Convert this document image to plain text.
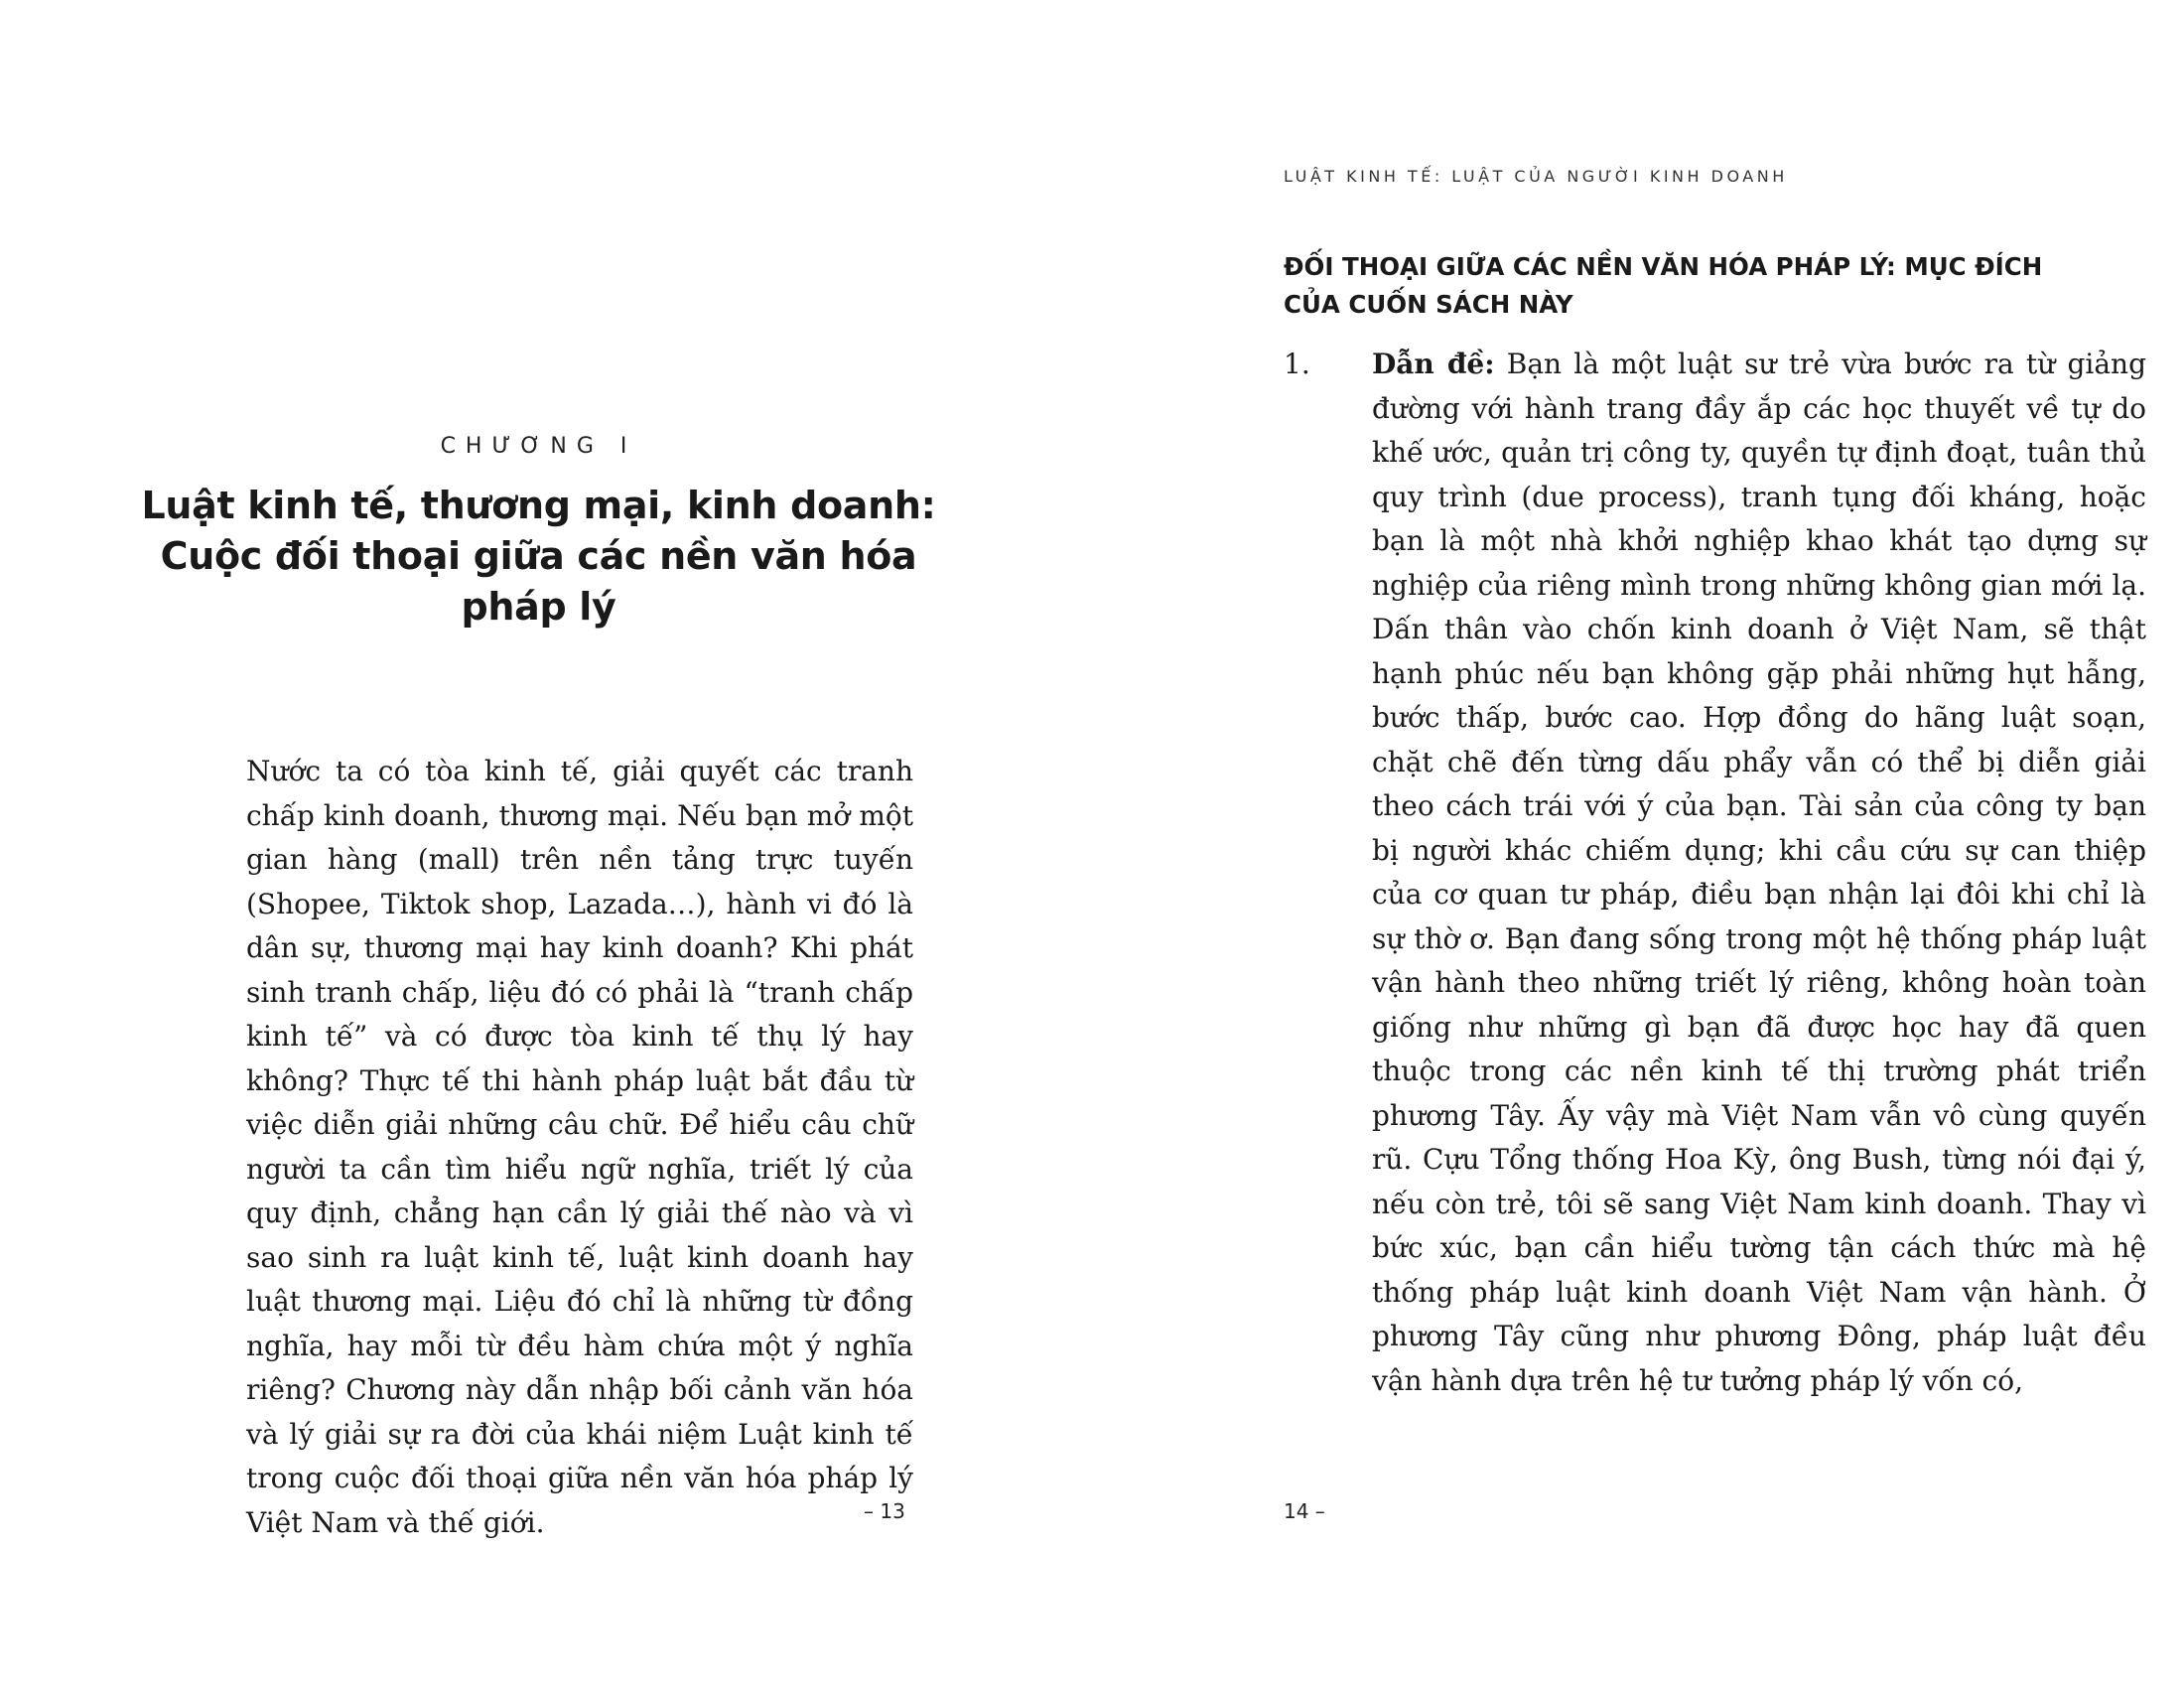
CHƯƠNG I
Luật kinh tế, thương mại, kinh doanh: Cuộc đối thoại giữa các nền văn hóa pháp lý
Nước ta có tòa kinh tế, giải quyết các tranh chấp kinh doanh, thương mại. Nếu bạn mở một gian hàng (mall) trên nền tảng trực tuyến (Shopee, Tiktok shop, Lazada…), hành vi đó là dân sự, thương mại hay kinh doanh? Khi phát sinh tranh chấp, liệu đó có phải là “tranh chấp kinh tế” và có được tòa kinh tế thụ lý hay không? Thực tế thi hành pháp luật bắt đầu từ việc diễn giải những câu chữ. Để hiểu câu chữ người ta cần tìm hiểu ngữ nghĩa, triết lý của quy định, chẳng hạn cần lý giải thế nào và vì sao sinh ra luật kinh tế, luật kinh doanh hay luật thương mại. Liệu đó chỉ là những từ đồng nghĩa, hay mỗi từ đều hàm chứa một ý nghĩa riêng? Chương này dẫn nhập bối cảnh văn hóa và lý giải sự ra đời của khái niệm Luật kinh tế trong cuộc đối thoại giữa nền văn hóa pháp lý Việt Nam và thế giới.	– 13
LUẬT KINH TẾ: LUẬT CỦA NGƯỜI KINH DOANH
ĐỐI THOẠI GIỮA CÁC NỀN VĂN HÓA PHÁP LÝ: MỤC ĐÍCH CỦA CUỐN SÁCH NÀY
1. Dẫn đề: Bạn là một luật sư trẻ vừa bước ra từ giảng đường với hành trang đầy ắp các học thuyết về tự do khế ước, quản trị công ty, quyền tự định đoạt, tuân thủ quy trình (due process), tranh tụng đối kháng, hoặc bạn là một nhà khởi nghiệp khao khát tạo dựng sự nghiệp của riêng mình trong những không gian mới lạ. Dấn thân vào chốn kinh doanh ở Việt Nam, sẽ thật hạnh phúc nếu bạn không gặp phải những hụt hẫng, bước thấp, bước cao. Hợp đồng do hãng luật soạn, chặt chẽ đến từng dấu phẩy vẫn có thể bị diễn giải theo cách trái với ý của bạn. Tài sản của công ty bạn bị người khác chiếm dụng; khi cầu cứu sự can thiệp của cơ quan tư pháp, điều bạn nhận lại đôi khi chỉ là sự thờ ơ. Bạn đang sống trong một hệ thống pháp luật vận hành theo những triết lý riêng, không hoàn toàn giống như những gì bạn đã được học hay đã quen thuộc trong các nền kinh tế thị trường phát triển phương Tây. Ấy vậy mà Việt Nam vẫn vô cùng quyến rũ. Cựu Tổng thống Hoa Kỳ, ông Bush, từng nói đại ý, nếu còn trẻ, tôi sẽ sang Việt Nam kinh doanh. Thay vì bức xúc, bạn cần hiểu tường tận cách thức mà hệ thống pháp luật kinh doanh Việt Nam vận hành. Ở phương Tây cũng như phương Đông, pháp luật đều vận hành dựa trên hệ tư tưởng pháp lý vốn có,
14 –
